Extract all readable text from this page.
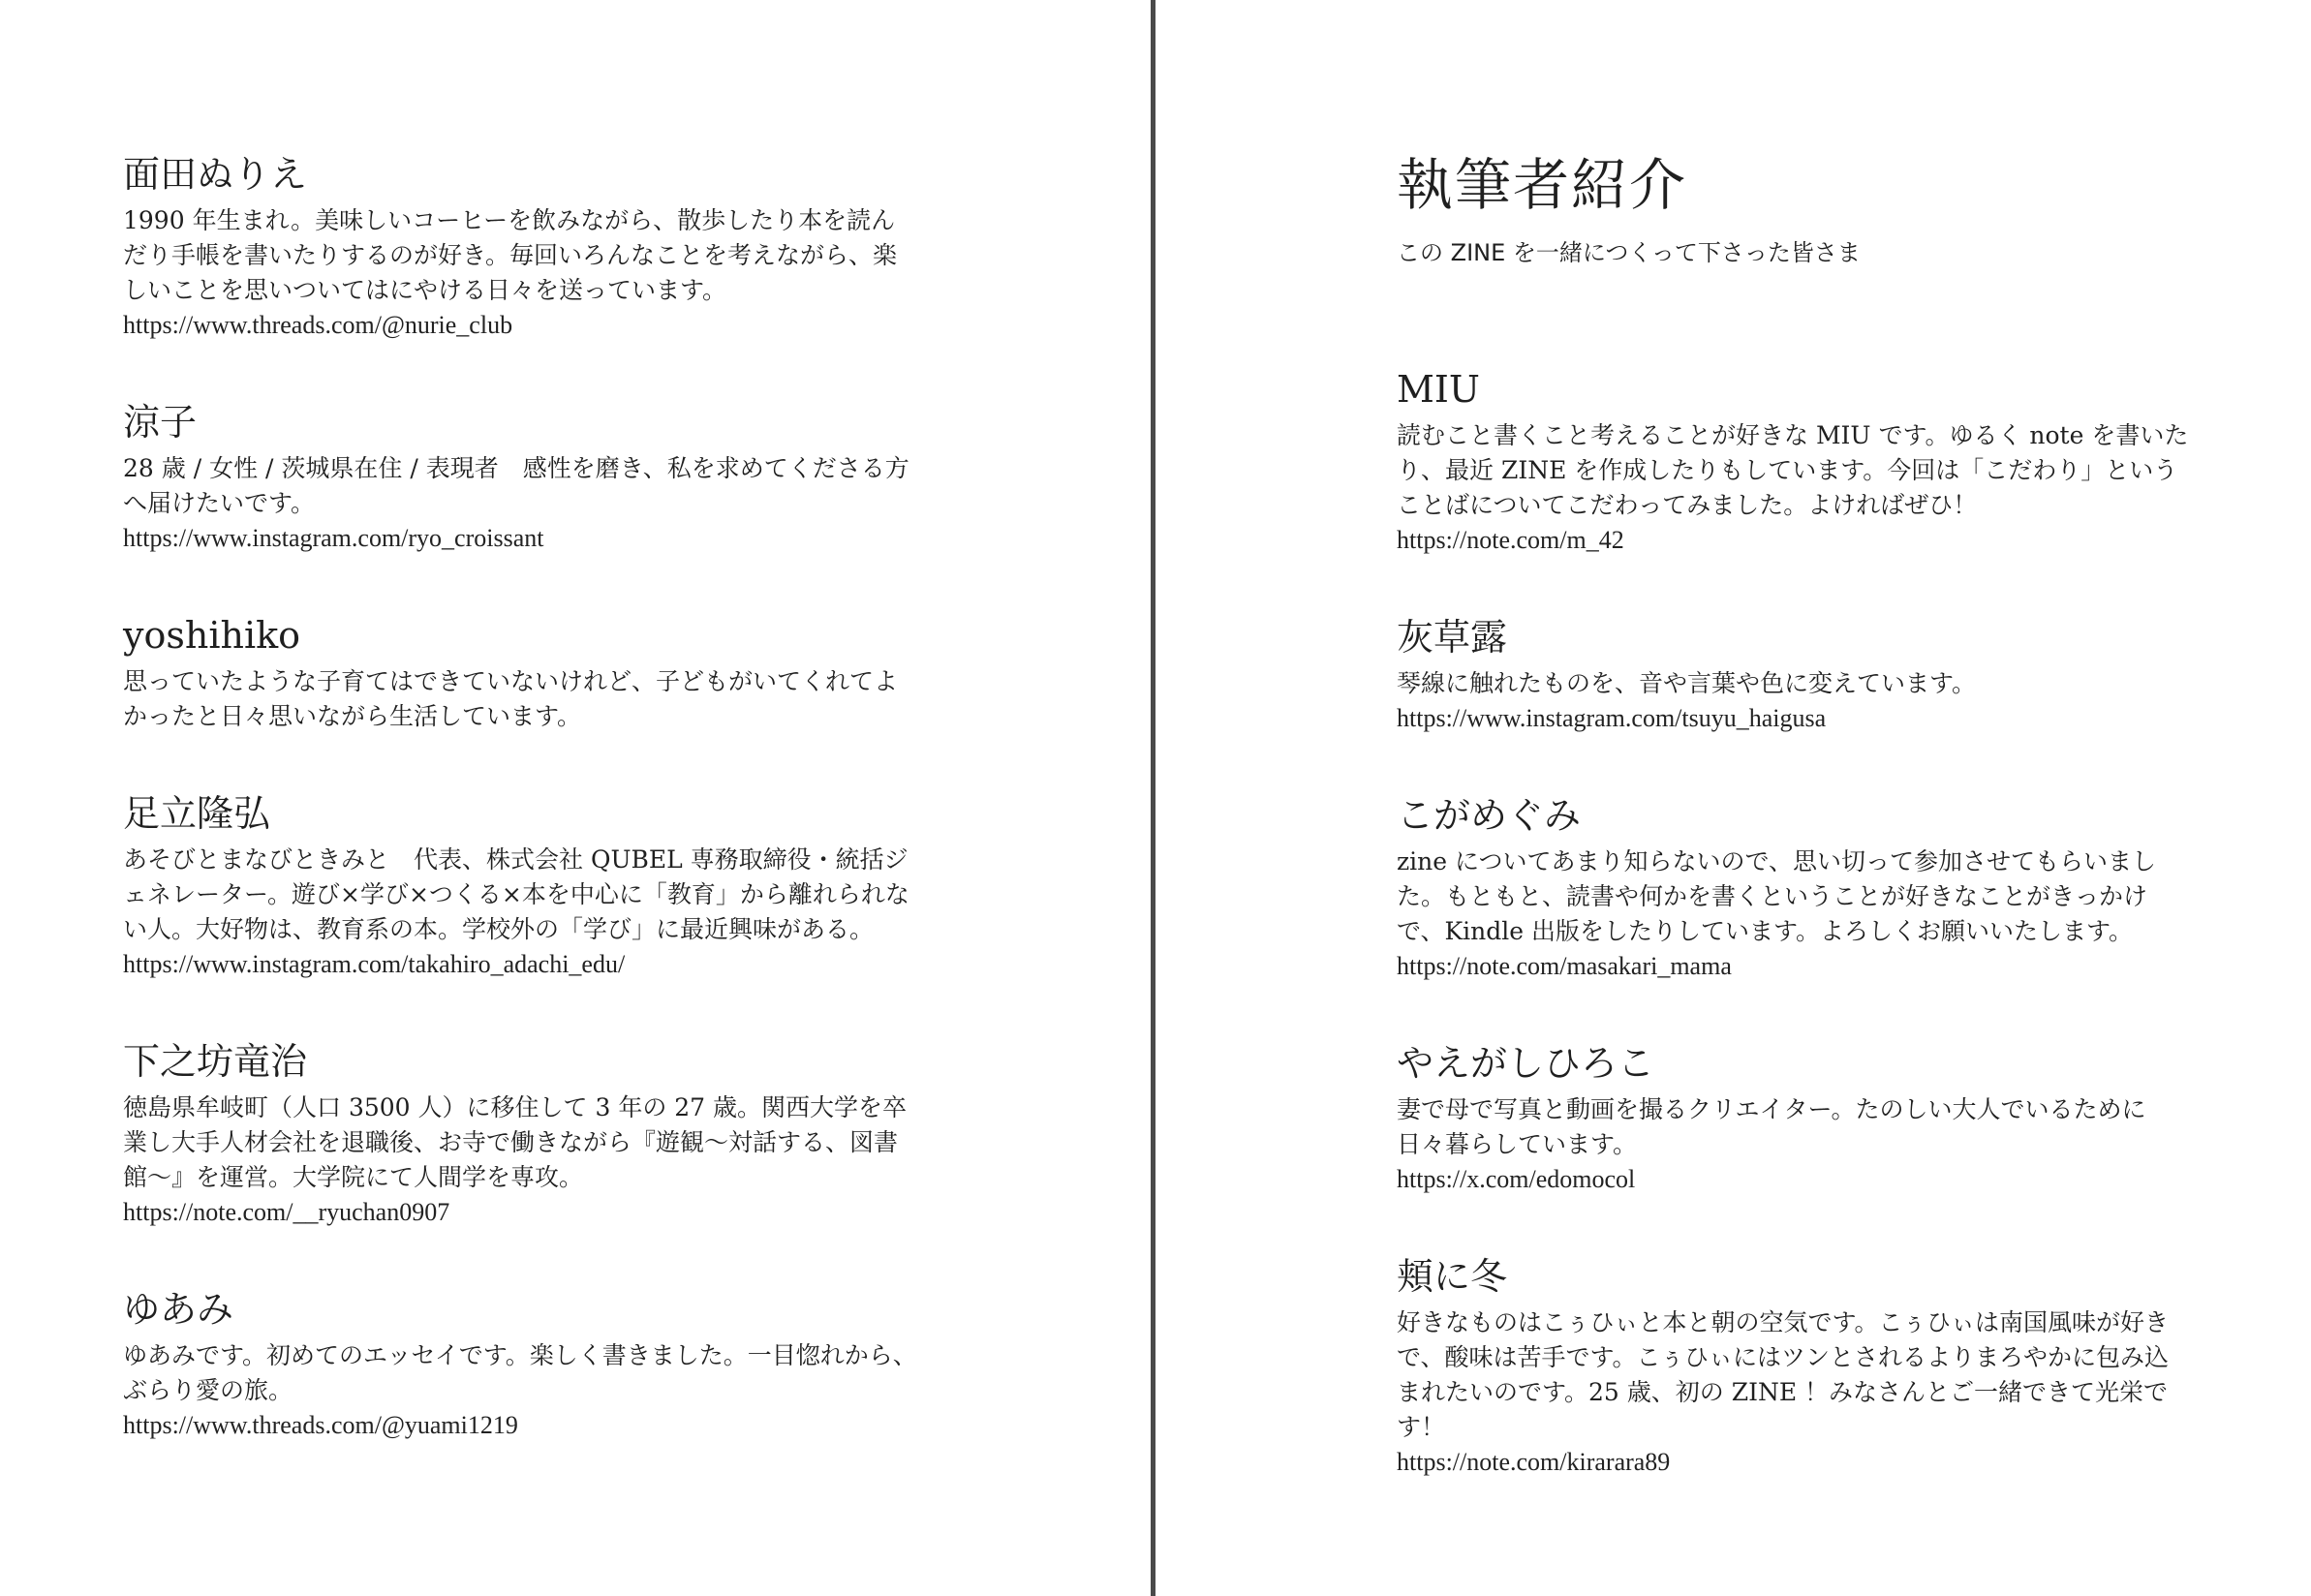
面田ぬりえ

1990 年生まれ。美味しいコーヒーを飲みながら、散歩したり本を読んだり手帳を書いたりするのが好き。毎回いろんなことを考えながら、楽しいことを思いついてはにやける日々を送っています。

https://www.threads.com/@nurie_club
涼子

28 歳 / 女性 / 茨城県在住 / 表現者　感性を磨き、私を求めてくださる方へ届けたいです。

https://www.instagram.com/ryo_croissant
yoshihiko

思っていたような子育てはできていないけれど、子どもがいてくれてよかったと日々思いながら生活しています。

足立隆弘

あそびとまなびときみと　代表、株式会社 QUBEL 専務取締役・統括ジェネレーター。遊び×学び×つくる×本を中心に「教育」から離れられない人。大好物は、教育系の本。学校外の「学び」に最近興味がある。

https://www.instagram.com/takahiro_adachi_edu/
下之坊竜治

徳島県牟岐町（人口 3500 人）に移住して 3 年の 27 歳。関西大学を卒業し大手人材会社を退職後、お寺で働きながら『遊観〜対話する、図書館〜』を運営。大学院にて人間学を専攻。

https://note.com/__ryuchan0907
ゆあみ

ゆあみです。初めてのエッセイです。楽しく書きました。一目惚れから、ぶらり愛の旅。

https://www.threads.com/@yuami1219
執筆者紹介
この ZINE を一緒につくって下さった皆さま
MIU

読むこと書くこと考えることが好きな MIU です。ゆるく note を書いたり、最近 ZINE を作成したりもしています。今回は「こだわり」ということばについてこだわってみました。よければぜひ！

https://note.com/m_42
灰草露

琴線に触れたものを、音や言葉や色に変えています。

https://www.instagram.com/tsuyu_haigusa
こがめぐみ

zine についてあまり知らないので、思い切って参加させてもらいました。もともと、読書や何かを書くということが好きなことがきっかけで、Kindle 出版をしたりしています。よろしくお願いいたします。

https://note.com/masakari_mama
やえがしひろこ

妻で母で写真と動画を撮るクリエイター。たのしい大人でいるために日々暮らしています。

https://x.com/edomocol
頬に冬

好きなものはこぅひぃと本と朝の空気です。こぅひぃは南国風味が好きで、酸味は苦手です。こぅひぃにはツンとされるよりまろやかに包み込まれたいのです。25 歳、初の ZINE ！みなさんとご一緒できて光栄です！

https://note.com/kirarara89
